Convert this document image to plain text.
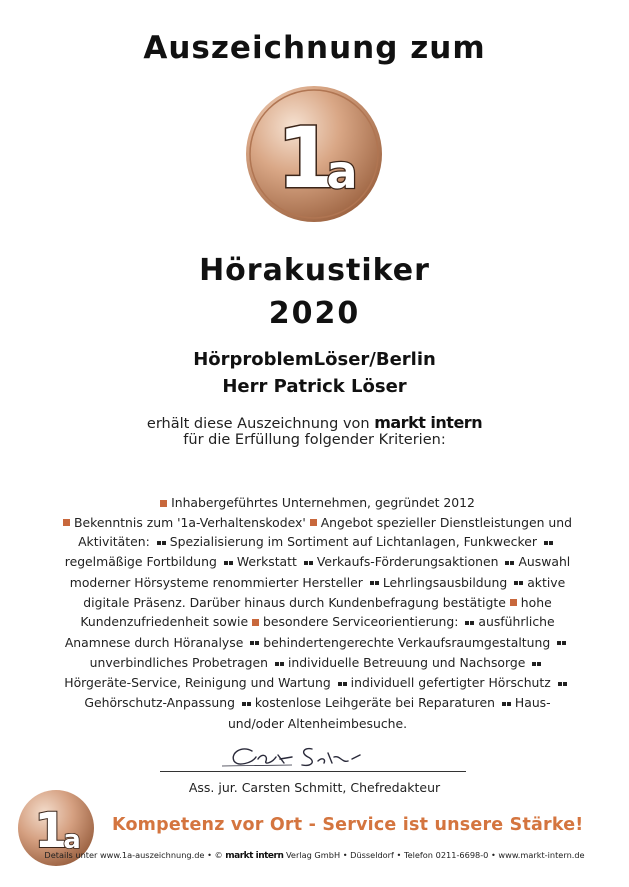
Auszeichnung zum
1
a
1a
Hörakustiker
2020
HörproblemLöser/Berlin
Herr Patrick Löser
erhält diese Auszeichnung von markt intern
für die Erfüllung folgender Kriterien:
Inhabergeführtes Unternehmen, gegründet 2012
Bekenntnis zum '1a-Verhaltenskodex' Angebot spezieller Dienstleistungen und Aktivitäten: Spezialisierung im Sortiment auf Lichtanlagen, Funkwecker regelmäßige Fortbildung Werkstatt Verkaufs-Förderungsaktionen Auswahl moderner Hörsysteme renommierter Hersteller Lehrlingsausbildung aktive digitale Präsenz. Darüber hinaus durch Kundenbefragung bestätigte hohe Kundenzufriedenheit sowie besondere Serviceorientierung: ausführliche Anamnese durch Höranalyse behindertengerechte Verkaufsraumgestaltung unverbindliches Probetragen individuelle Betreuung und Nachsorge Hörgeräte-Service, Reinigung und Wartung individuell gefertigter Hörschutz Gehörschutz-Anpassung kostenlose Leihgeräte bei Reparaturen Haus- und/oder Altenheimbesuche.
Ass. jur. Carsten Schmitt, Chefredakteur
1
a
1a
Kompetenz vor Ort - Service ist unsere Stärke!
Details unter www.1a-auszeichnung.de • © markt intern Verlag GmbH • Düsseldorf • Telefon 0211-6698-0 • www.markt-intern.de
